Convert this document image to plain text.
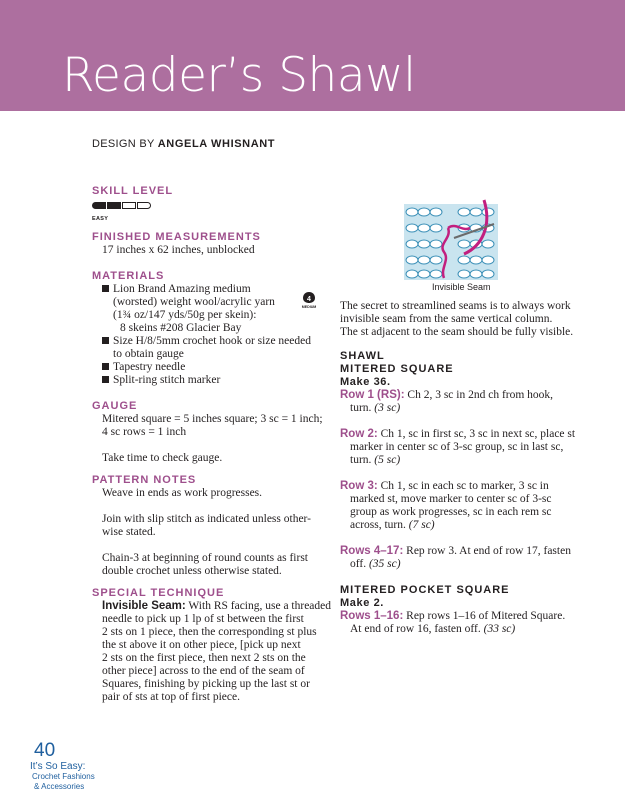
Reader’s Shawl
DESIGN BY ANGELA WHISNANT
SKILL LEVEL
EASY
FINISHED MEASUREMENTS
17 inches x 62 inches, unblocked
MATERIALS
4
MEDIUM
Lion Brand Amazing medium
(worsted) weight wool/acrylic yarn
(1¾ oz/147 yds/50g per skein):
8 skeins #208 Glacier Bay
Size H/8/5mm crochet hook or size needed
to obtain gauge
Tapestry needle
Split-ring stitch marker
GAUGE
Mitered square = 5 inches square; 3 sc = 1 inch;
4 sc rows = 1 inch
Take time to check gauge.
PATTERN NOTES
Weave in ends as work progresses.
Join with slip stitch as indicated unless other-
wise stated.
Chain-3 at beginning of round counts as first
double crochet unless otherwise stated.
SPECIAL TECHNIQUE
Invisible Seam: With RS facing, use a threaded
needle to pick up 1 lp of st between the first
2 sts on 1 piece, then the corresponding st plus
the st above it on other piece, [pick up next
2 sts on the first piece, then next 2 sts on the
other piece] across to the end of the seam of
Squares, finishing by picking up the last st or
pair of sts at top of first piece.
Invisible Seam
The secret to streamlined seams is to always work
invisible seam from the same vertical column.
The st adjacent to the seam should be fully visible.
SHAWL
MITERED SQUARE
Make 36.
Row 1 (RS): Ch 2, 3 sc in 2nd ch from hook,
turn. (3 sc)
Row 2: Ch 1, sc in first sc, 3 sc in next sc, place st
marker in center sc of 3-sc group, sc in last sc,
turn. (5 sc)
Row 3: Ch 1, sc in each sc to marker, 3 sc in
marked st, move marker to center sc of 3-sc
group as work progresses, sc in each rem sc
across, turn. (7 sc)
Rows 4–17: Rep row 3. At end of row 17, fasten
off. (35 sc)
MITERED POCKET SQUARE
Make 2.
Rows 1–16: Rep rows 1–16 of Mitered Square.
At end of row 16, fasten off. (33 sc)
40
It’s So Easy:
Crochet Fashions
& Accessories
